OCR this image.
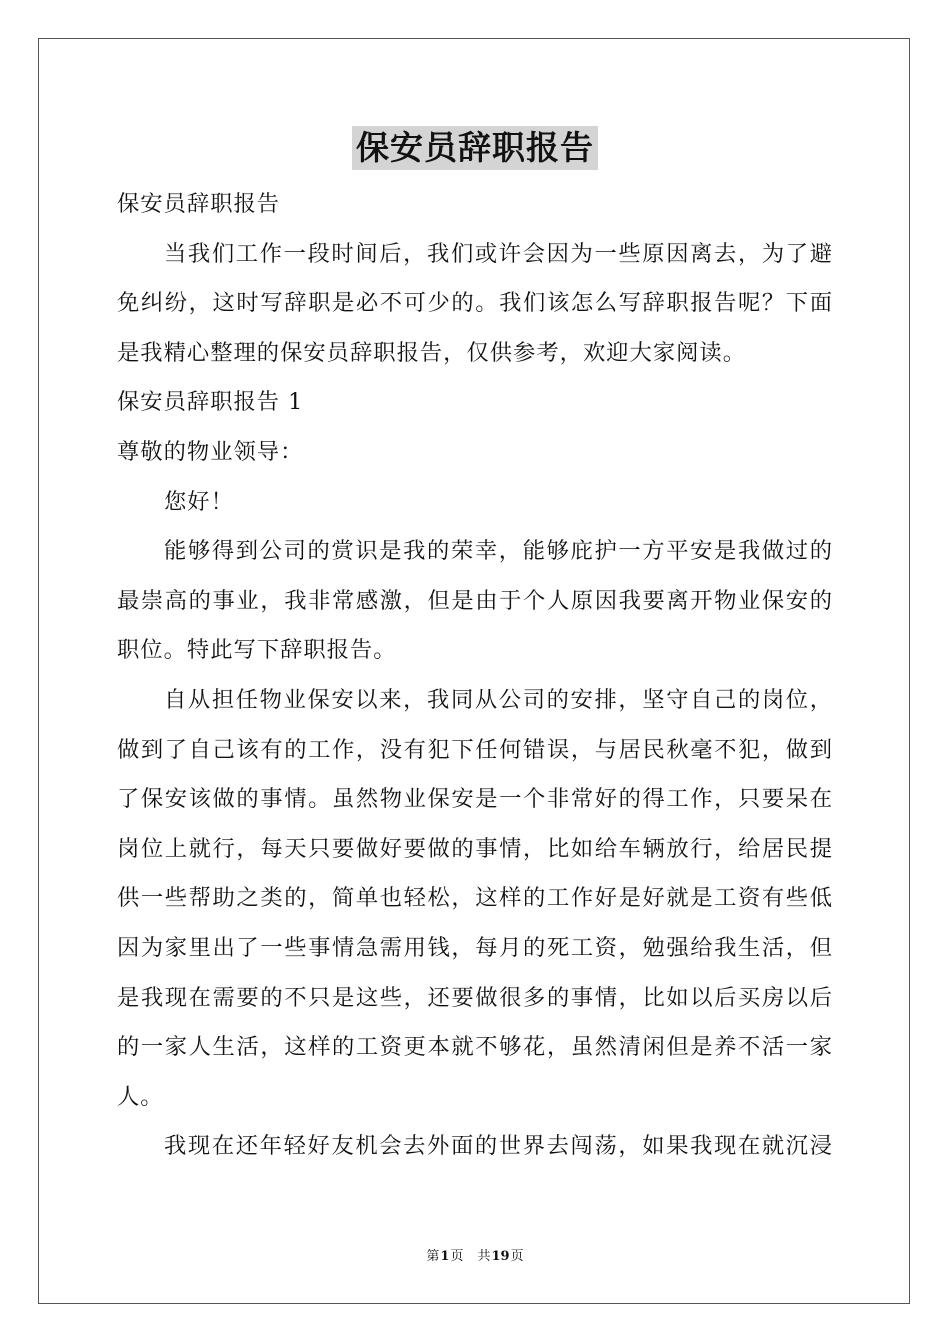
保安员辞职报告
保安员辞职报告
当我们工作一段时间后，我们或许会因为一些原因离去，为了避
免纠纷，这时写辞职是必不可少的。我们该怎么写辞职报告呢？下面
是我精心整理的保安员辞职报告，仅供参考，欢迎大家阅读。
保安员辞职报告 1
尊敬的物业领导：
您好！
能够得到公司的赏识是我的荣幸，能够庇护一方平安是我做过的
最崇高的事业，我非常感激，但是由于个人原因我要离开物业保安的
职位。特此写下辞职报告。
自从担任物业保安以来，我同从公司的安排，坚守自己的岗位，
做到了自己该有的工作，没有犯下任何错误，与居民秋毫不犯，做到
了保安该做的事情。虽然物业保安是一个非常好的得工作，只要呆在
岗位上就行，每天只要做好要做的事情，比如给车辆放行，给居民提
供一些帮助之类的，简单也轻松，这样的工作好是好就是工资有些低
因为家里出了一些事情急需用钱，每月的死工资，勉强给我生活，但
是我现在需要的不只是这些，还要做很多的事情，比如以后买房以后
的一家人生活，这样的工资更本就不够花，虽然清闲但是养不活一家
人。
我现在还年轻好友机会去外面的世界去闯荡，如果我现在就沉浸
第1页 共19页
